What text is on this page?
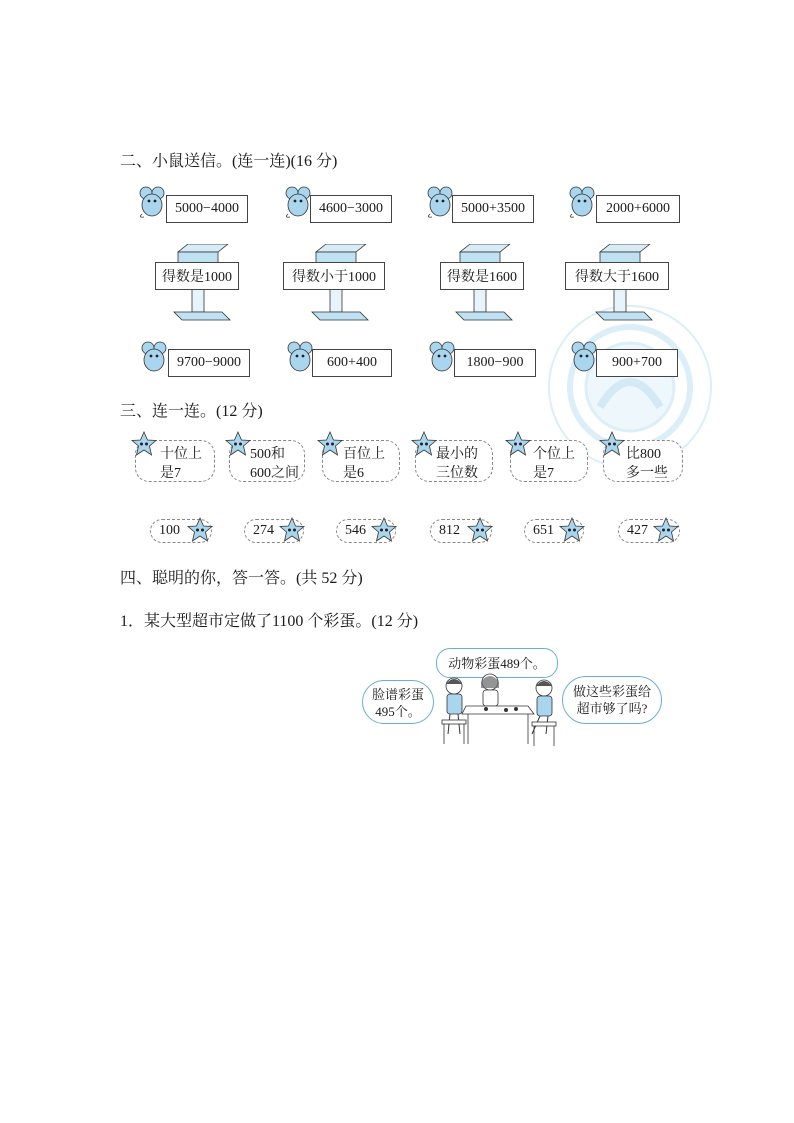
二、小鼠送信。(连一连)(16 分)
5000−4000	4600−3000	5000+3500	2000+6000
得数是1000	得数小于1000	得数是1600	得数大于1600
9700−9000	600+400	1800−900	900+700
三、连一连。(12 分)
十位上
是7
500和
600之间
百位上
是6
最小的
三位数
个位上
是7
比800
多一些
100	274	546	812	651	427
四、聪明的你，答一答。(共 52 分)
1．某大型超市定做了1100 个彩蛋。(12 分)
动物彩蛋489个。
脸谱彩蛋
495个。
做这些彩蛋给
超市够了吗?
